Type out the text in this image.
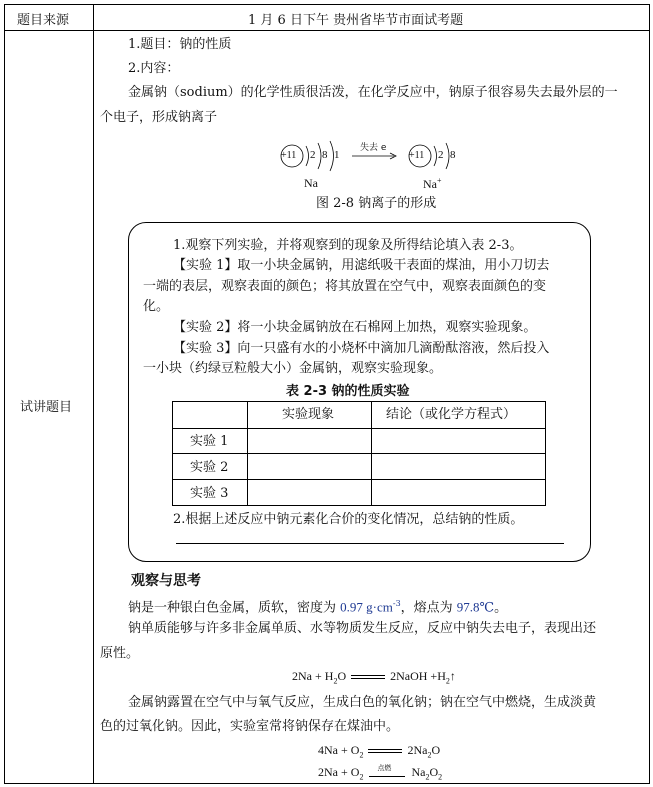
题目来源	1 月 6 日下午 贵州省毕节市面试考题
试讲题目
1.题目：钠的性质
2.内容：
金属钠（sodium）的化学性质很活泼，在化学反应中，钠原子很容易失去最外层的一
个电子，形成钠离子
+11 2 8 1
失去 e
+11 2 8
Na	Na+
图 2-8 钠离子的形成
1.观察下列实验，并将观察到的现象及所得结论填入表 2-3。
【实验 1】取一小块金属钠，用滤纸吸干表面的煤油，用小刀切去
一端的表层，观察表面的颜色；将其放置在空气中，观察表面颜色的变
化。
【实验 2】将一小块金属钠放在石棉网上加热，观察实验现象。
【实验 3】向一只盛有水的小烧杯中滴加几滴酚酞溶液，然后投入
一小块（约绿豆粒般大小）金属钠，观察实验现象。
表 2-3 钠的性质实验
实验现象	结论（或化学方程式）
实验 1
实验 2
实验 3
2.根据上述反应中钠元素化合价的变化情况，总结钠的性质。
观察与思考
钠是一种银白色金属，质软，密度为 0.97 $g\cdot cm^{-3}$，熔点为 97.8℃。
钠单质能够与许多非金属单质、水等物质发生反应，反应中钠失去电子，表现出还
原性。
$2Na + H_2O$	2NaOH $+H_2↑$
金属钠露置在空气中与氧气反应，生成白色的氧化钠；钠在空气中燃烧，生成淡黄
色的过氧化钠。因此，实验室常将钠保存在煤油中。
$4Na + O_2$	$2Na_2O$
$2Na + O_2$
点燃 $Na_2O_2$
